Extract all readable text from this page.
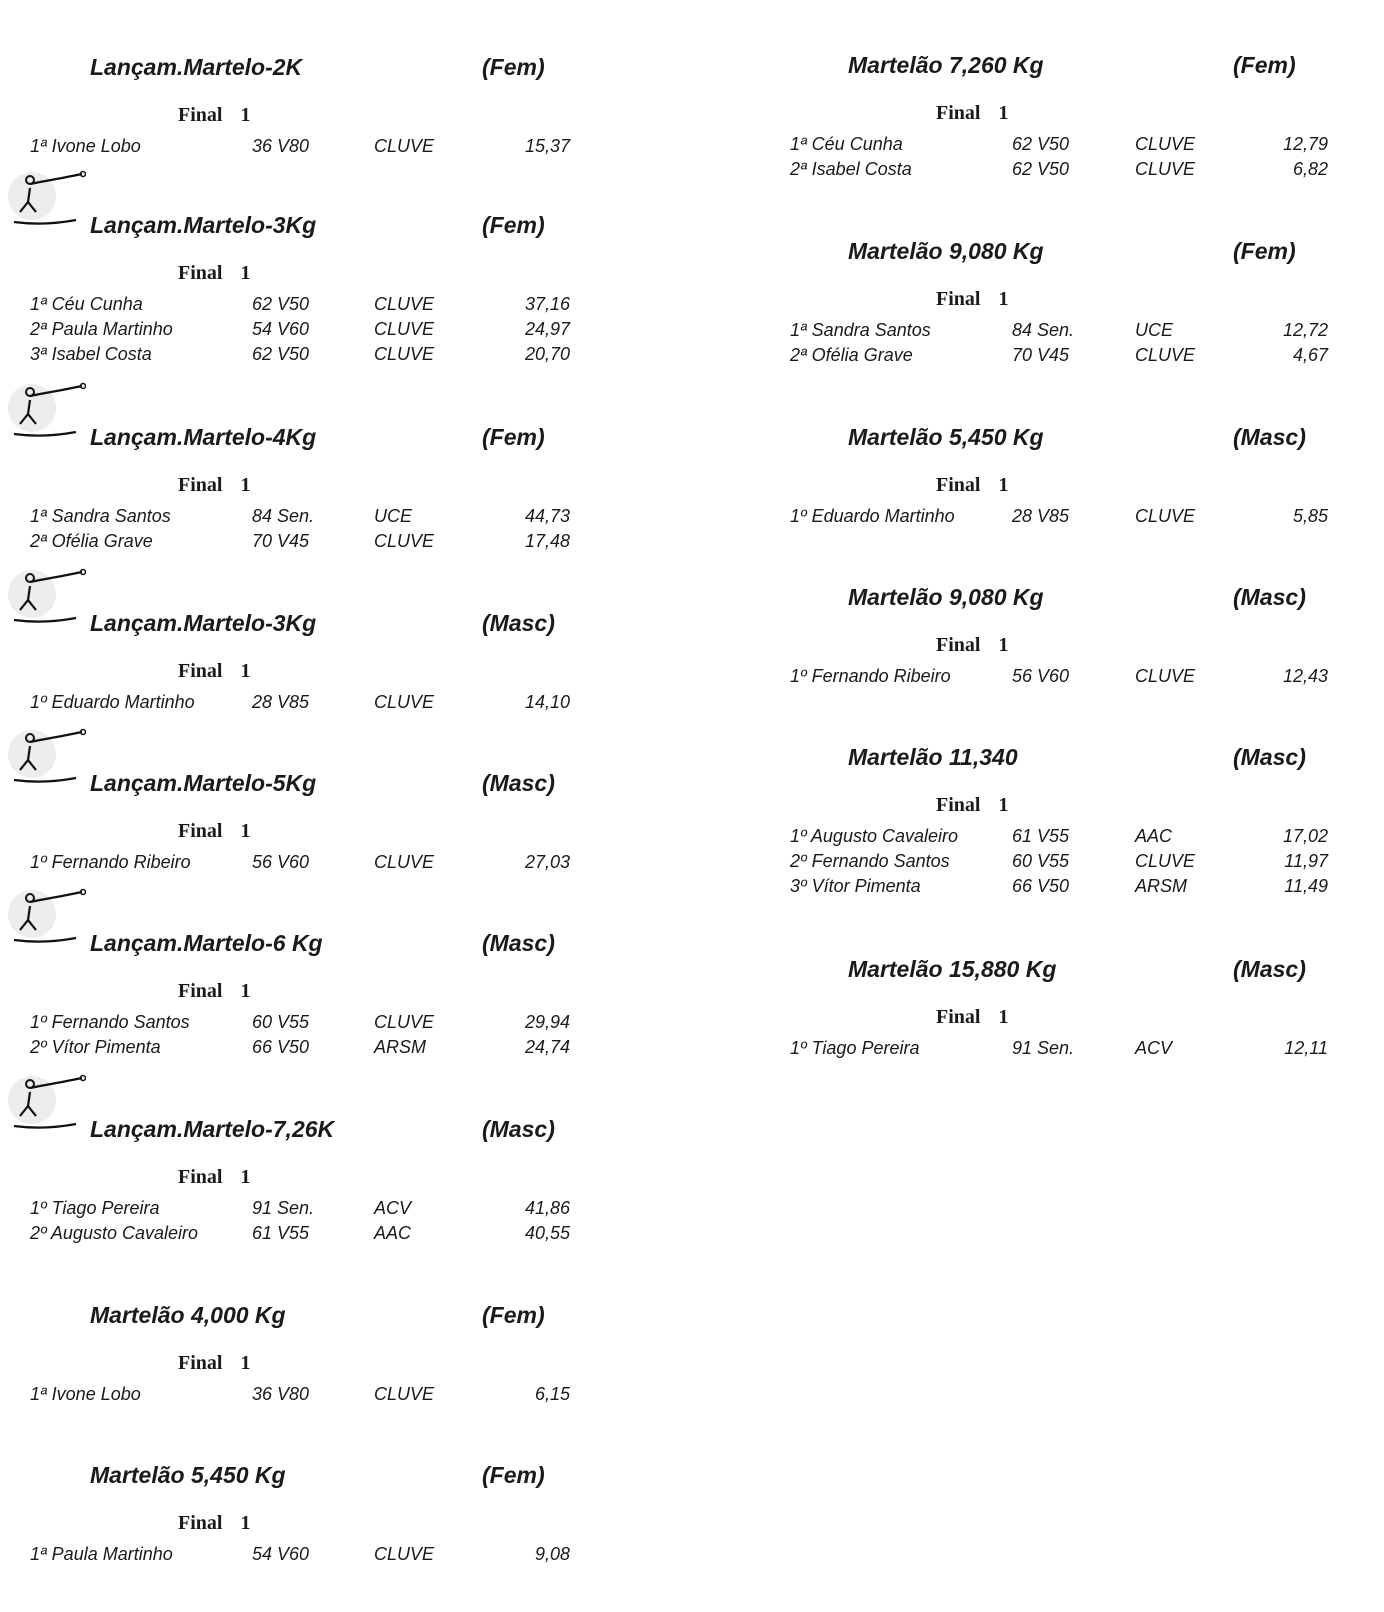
Lançam.Martelo-2K	(Fem)
Final 1
1ª Ivone Lobo	36 V80	CLUVE	15,37
Lançam.Martelo-3Kg	(Fem)
Final 1
1ª Céu Cunha	62 V50	CLUVE	37,16
2ª Paula Martinho	54 V60	CLUVE	24,97
3ª Isabel Costa	62 V50	CLUVE	20,70
Lançam.Martelo-4Kg	(Fem)
Final 1
1ª Sandra Santos	84 Sen.	UCE	44,73
2ª Ofélia Grave	70 V45	CLUVE	17,48
Lançam.Martelo-3Kg	(Masc)
Final 1
1º Eduardo Martinho	28 V85	CLUVE	14,10
Lançam.Martelo-5Kg	(Masc)
Final 1
1º Fernando Ribeiro	56 V60	CLUVE	27,03
Lançam.Martelo-6 Kg	(Masc)
Final 1
1º Fernando Santos	60 V55	CLUVE	29,94
2º Vítor Pimenta	66 V50	ARSM	24,74
Lançam.Martelo-7,26K	(Masc)
Final 1
1º Tiago Pereira	91 Sen.	ACV	41,86
2º Augusto Cavaleiro	61 V55	AAC	40,55
Martelão 4,000 Kg	(Fem)
Final 1
1ª Ivone Lobo	36 V80	CLUVE	6,15
Martelão 5,450 Kg	(Fem)
Final 1
1ª Paula Martinho	54 V60	CLUVE	9,08
Martelão 7,260 Kg	(Fem)
Final 1
1ª Céu Cunha	62 V50	CLUVE	12,79
2ª Isabel Costa	62 V50	CLUVE	6,82
Martelão 9,080 Kg	(Fem)
Final 1
1ª Sandra Santos	84 Sen.	UCE	12,72
2ª Ofélia Grave	70 V45	CLUVE	4,67
Martelão 5,450 Kg	(Masc)
Final 1
1º Eduardo Martinho	28 V85	CLUVE	5,85
Martelão 9,080 Kg	(Masc)
Final 1
1º Fernando Ribeiro	56 V60	CLUVE	12,43
Martelão 11,340	(Masc)
Final 1
1º Augusto Cavaleiro	61 V55	AAC	17,02
2º Fernando Santos	60 V55	CLUVE	11,97
3º Vítor Pimenta	66 V50	ARSM	11,49
Martelão 15,880 Kg	(Masc)
Final 1
1º Tiago Pereira	91 Sen.	ACV	12,11
